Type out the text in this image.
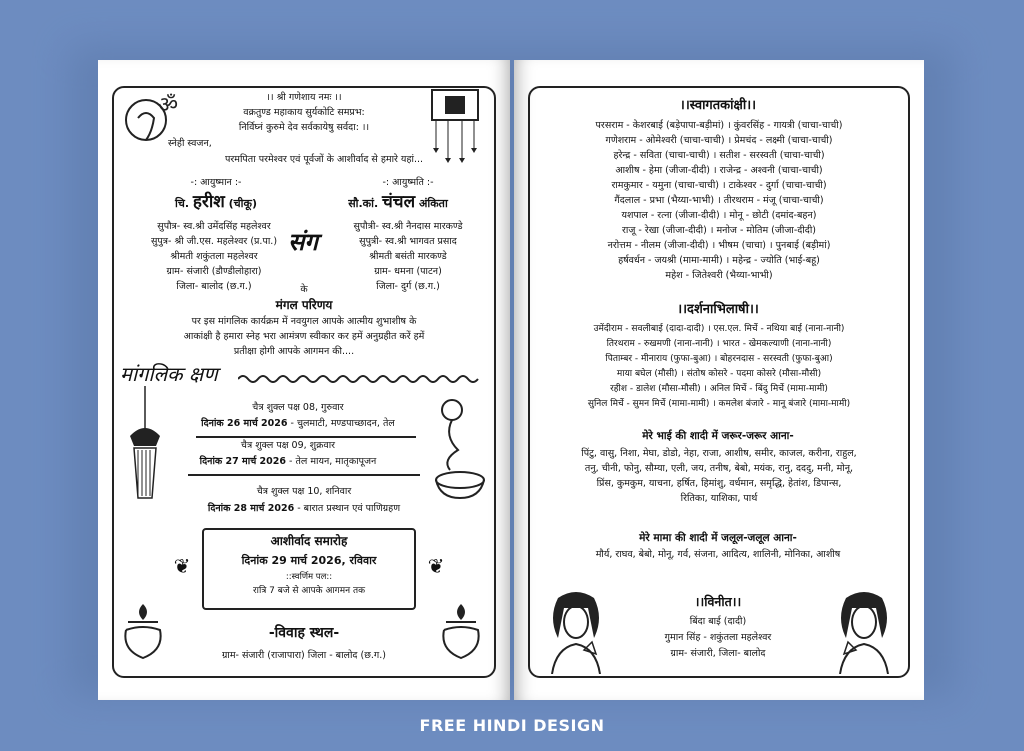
ॐ	।। श्री गणेशाय नमः ।।
वक्रतुण्ड महाकाय सुर्यकोटि समप्रभ:
निर्विघ्नं कुरुमे देव सर्वकायेषु सर्वदा: ।।
स्नेही स्वजन,
परमपिता परमेश्वर एवं पूर्वजों के आशीर्वाद से हमारे यहां...
-: आयुष्मान :-	-: आयुष्मति :-
चि. हरीश (चीकू)	सौ.कां. चंचल अंकिता
सुपौत्र- स्व.श्री उमेंदसिंह महलेश्वर
सुपुत्र- श्री जी.एस. महलेश्वर (प्र.पा.)
श्रीमती शकुंतला महलेश्वर
ग्राम- संजारी (डौण्डीलोहारा)
जिला- बालोद (छ.ग.)
संग
सुपौत्री- स्व.श्री नैनदास मारकण्डे
सुपुत्री- स्व.श्री भागवत प्रसाद
श्रीमती बसंती मारकण्डे
ग्राम- धमना (पाटन)
जिला- दुर्ग (छ.ग.)
के
मंगल परिणय
पर इस मांगलिक कार्यक्रम में नवयुगल आपके आत्मीय शुभाशीष के
आकांक्षी है हमारा स्नेह भरा आमंत्रण स्वीकार कर हमें अनुग्रहीत करें हमें
प्रतीक्षा होगी आपके आगमन की....
मांगलिक क्षण
चैत्र शुक्ल पक्ष 08, गुरुवार
दिनांक 26 मार्च 2026 - चुलमाटी, मण्डपाच्छादन, तेल
चैत्र शुक्ल पक्ष 09, शुक्रवार
दिनांक 27 मार्च 2026 - तेल मायन, मातृकापूजन
चैत्र शुक्ल पक्ष 10, शनिवार
दिनांक 28 मार्च 2026 - बारात प्रस्थान एवं पाणिग्रहण
❦	❦
आशीर्वाद समारोह
दिनांक 29 मार्च 2026, रविवार
::स्वर्णिम पल::
रात्रि 7 बजे से आपके आगमन तक
-विवाह स्थल-
ग्राम- संजारी (राजापारा) जिला - बालोद (छ.ग.)
।।स्वागतकांक्षी।।
परसराम - केशरबाई (बड़ेपापा-बड़ीमां) । कुंवरसिंह - गायत्री (चाचा-चाची)
गणेशराम - ओमेश्वरी (चाचा-चाची) । प्रेमचंद - लक्ष्मी (चाचा-चाची)
हरेन्द्र - सविता (चाचा-चाची) । सतीश - सरस्वती (चाचा-चाची)
आशीष - हेमा (जीजा-दीदी) । राजेन्द्र - अश्वनी (चाचा-चाची)
रामकुमार - यमुना (चाचा-चाची) । टाकेश्वर - दुर्गा (चाचा-चाची)
गैंदलाल - प्रभा (भैय्या-भाभी) । तीरथराम - मंजू (चाचा-चाची)
यशपाल - रत्ना (जीजा-दीदी) । मोनू - छोटी (दमांद-बहन)
राजू - रेखा (जीजा-दीदी) । मनोज - मोतिम (जीजा-दीदी)
नरोत्तम - नीलम (जीजा-दीदी) । भीषम (चाचा) । पुनबाई (बड़ीमां)
हर्षवर्धन - जयश्री (मामा-मामी) । महेन्द्र - ज्योति (भाई-बहू)
महेश - जितेश्वरी (भैय्या-भाभी)
।।दर्शनाभिलाषी।।
उमेंदीराम - सवलीबाई (दादा-दादी) । एस.एल. मिर्चे - नथिया बाई (नाना-नानी)
तिरथराम - रुखमणी (नाना-नानी) । भारत - खेमकल्याणी (नाना-नानी)
पिताम्बर - मीनाराय (फुफा-बुआ) । बोहरनदास - सरस्वती (फुफा-बुआ)
माया बघेल (मौसी) । संतोष कोसरे - पदमा कोसरे (मौसा-मौसी)
रहीश - डालेश (मौसा-मौसी) । अनिल मिर्चे - बिंदु मिर्चे (मामा-मामी)
सुनिल मिर्चे - सुमन मिर्चे (मामा-मामी) । कमलेश बंजारे - मानू बंजारे (मामा-मामी)
मेरे भाई की शादी में जरूर-जरूर आना-
पिंटु, वासु, निशा, मेघा, डोडो, नेहा, राजा, आशीष, समीर, काजल, करीना, राहुल,
तनु, चीनी, फोनु, सौम्या, एली, जय, तनीष, बेबो, मयंक, रानु, दददु, मनी, मोनू,
प्रिंस, कुमकुम, याचना, हर्षित, हिमांशु, वर्धमान, समृद्धि, हेतांश, डिपान्स,
रितिका, याशिका, पार्थ
मेरे मामा की शादी में जलूल-जलूल आना-
मौर्य, राघव, बेबो, मोनू, गर्व, संजना, आदित्य, शालिनी, मोनिका, आशीष
।।विनीत।।
बिंदा बाई (दादी)
गुमान सिंह - शकुंतला महलेश्वर
ग्राम- संजारी, जिला- बालोद
FREE HINDI DESIGN
